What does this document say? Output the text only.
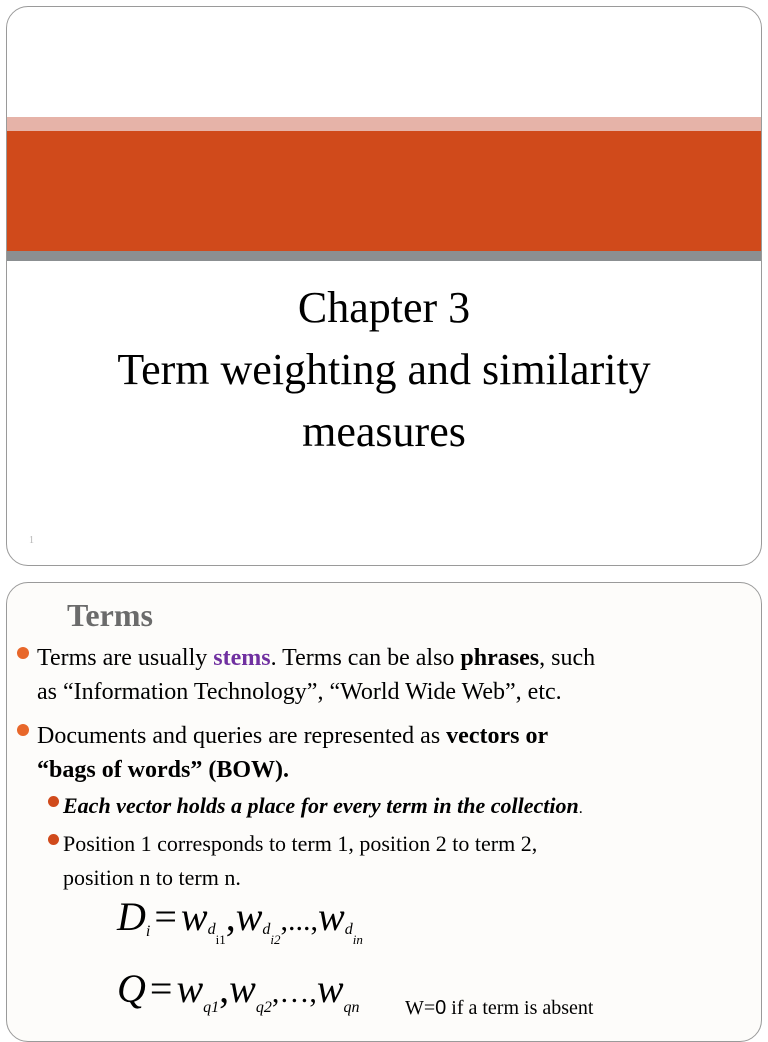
Chapter 3
Term weighting and similarity
measures
1
Terms
Terms are usually stems. Terms can be also phrases, such
as “Information Technology”, “World Wide Web”, etc.
Documents and queries are represented as vectors or
“bags of words” (BOW).
Each vector holds a place for every term in the collection.
Position 1 corresponds to term 1, position 2 to term 2,
position n to term n.
$Di = wd_{i1},wd_{i2},...,wd_{in}$
Q = wq1,wq2,…,wqn W=0 if a term is absent
